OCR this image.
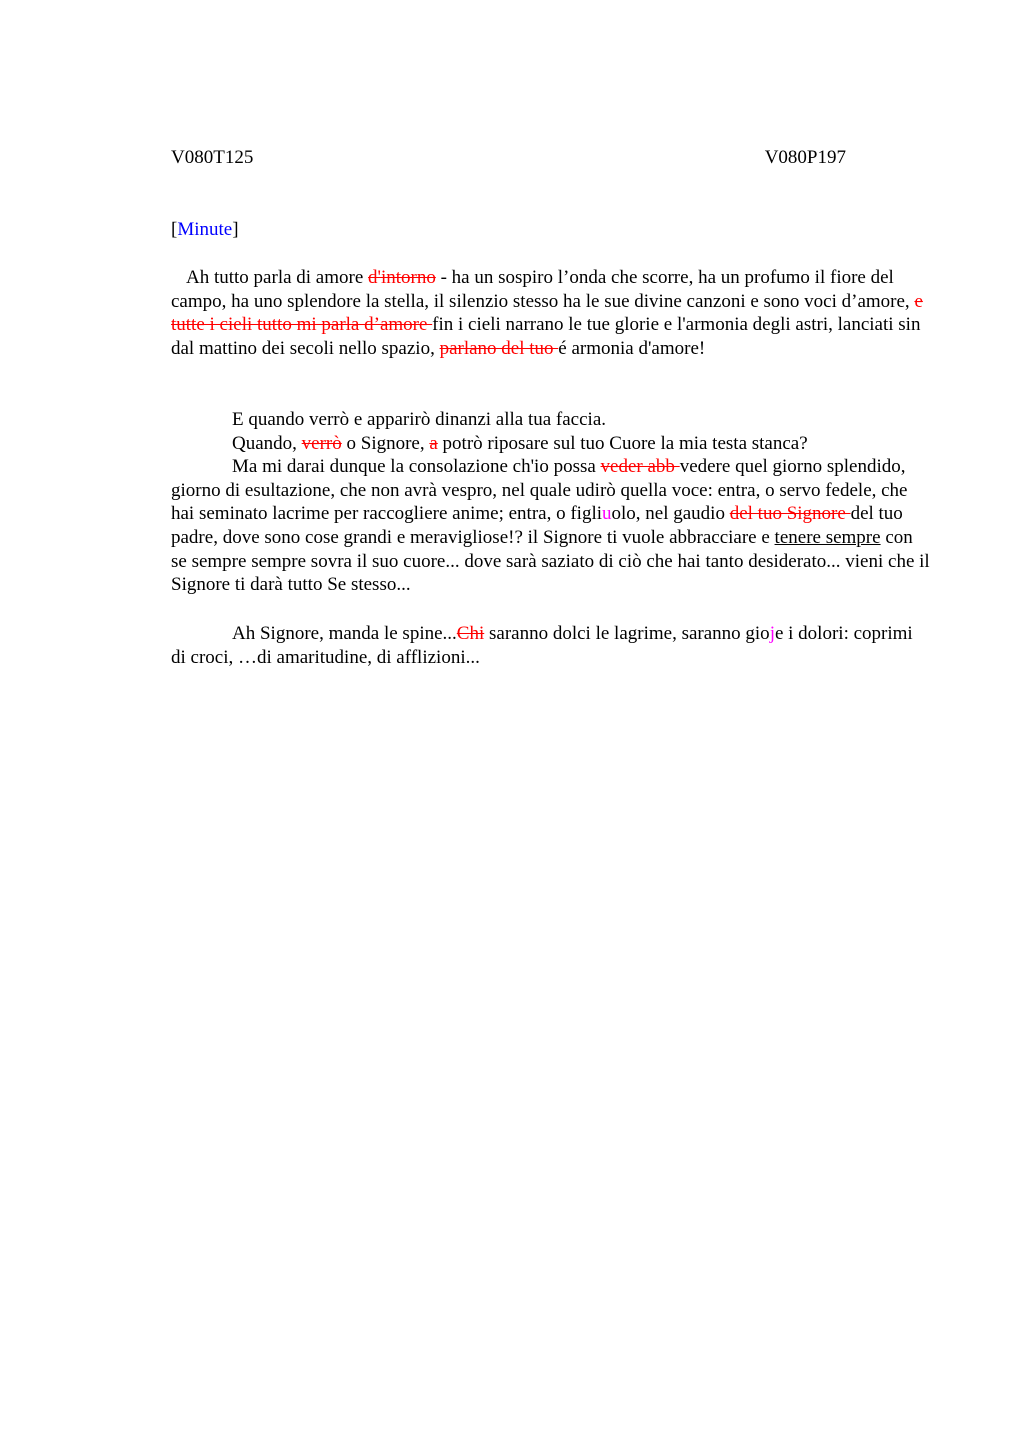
V080T125	V080P197
[Minute]

Ah tutto parla di amore d'intorno - ha un sospiro l’onda che scorre, ha un profumo il fiore del campo, ha uno splendore la stella, il silenzio stesso ha le sue divine canzoni e sono voci d’amore, e tutte i cieli tutto mi parla d’amore fin i cieli narrano le tue glorie e l'armonia degli astri, lanciati sin dal mattino dei secoli nello spazio, parlano del tuo é armonia d'amore!

E quando verrò e apparirò dinanzi alla tua faccia.
Quando, verrò o Signore, a potrò riposare sul tuo Cuore la mia testa stanca?
Ma mi darai dunque la consolazione ch'io possa veder abb vedere quel giorno splendido, giorno di esultazione, che non avrà vespro, nel quale udirò quella voce: entra, o servo fedele, che hai seminato lacrime per raccogliere anime; entra, o figliuolo, nel gaudio del tuo Signore del tuo padre, dove sono cose grandi e meravigliose!? il Signore ti vuole abbracciare e tenere sempre con se sempre sempre sovra il suo cuore... dove sarà saziato di ciò che hai tanto desiderato... vieni che il Signore ti darà tutto Se stesso...

Ah Signore, manda le spine...Chi saranno dolci le lagrime, saranno gioje i dolori: coprimi di croci, …di amaritudine, di afflizioni...
